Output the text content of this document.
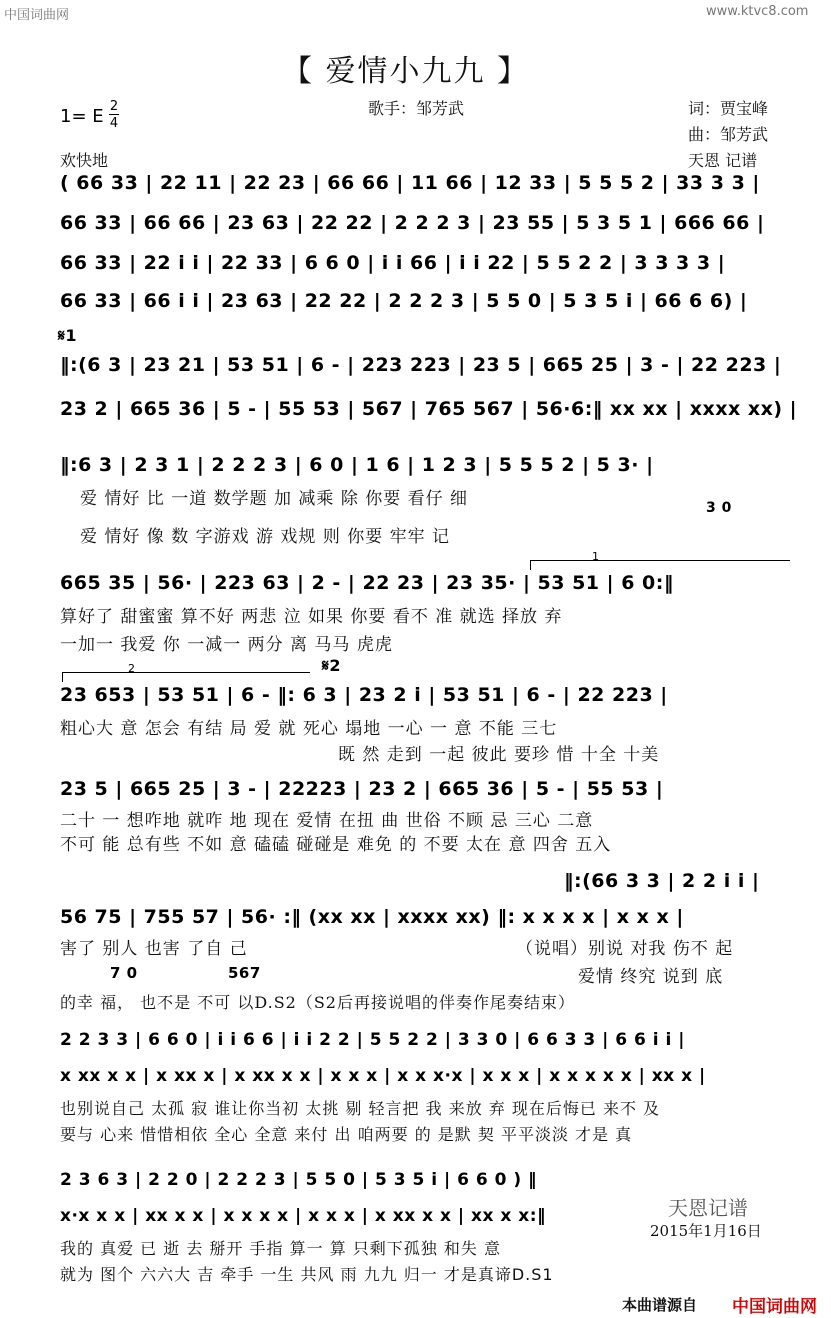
中国词曲网	www.ktvc8.com
【 爱情小九九 】
歌手：邹芳武	词：贾宝峰
曲：邹芳武
天恩 记谱
1= E 2
4
欢快地
( 66 33 | 22 11 | 22 23 | 66 66 | 11 66 | 12 33 | 5 5 5 2 | 33 3 3 |
66 33 | 66 66 | 23 63 | 22 22 | 2 2 2 3 | 23 55 | 5 3 5 1 | 666 66 |
66 33 | 22 i i | 22 33 | 6 6 0 | i i 66 | i i 22 | 5 5 2 2 | 3 3 3 3 |
66 33 | 66 i i | 23 63 | 22 22 | 2 2 2 3 | 5 5 0 | 5 3 5 i | 66 6 6) |
𝄋1
‖:(6 3 | 23 21 | 53 51 | 6 - | 223 223 | 23 5 | 665 25 | 3 - | 22 223 |
23 2 | 665 36 | 5 - | 55 53 | 567 | 765 567 | 56·6:‖ xx xx | xxxx xx) |
‖:6 3 | 2 3 1 | 2 2 2 3 | 6 0 | 1 6 | 1 2 3 | 5 5 5 2 | 5 3· |
爱 情好 比 一道 数学题 加 减乘 除 你要 看仔 细	3 0
爱 情好 像 数 字游戏 游 戏规 则 你要 牢牢 记
1
665 35 | 56· | 223 63 | 2 - | 22 23 | 23 35· | 53 51 | 6 0:‖
算好了 甜蜜蜜 算不好 两悲 泣 如果 你要 看不 准 就选 择放 弃
一加一 我爱 你 一减一 两分 离 马马 虎虎
2	𝄋2
23 653 | 53 51 | 6 - ‖: 6 3 | 23 2 i | 53 51 | 6 - | 22 223 |
粗心大 意 怎会 有结 局 爱 就 死心 塌地 一心 一 意 不能 三七
既 然 走到 一起 彼此 要珍 惜 十全 十美
23 5 | 665 25 | 3 - | 22223 | 23 2 | 665 36 | 5 - | 55 53 |
二十 一 想咋地 就咋 地 现在 爱情 在扭 曲 世俗 不顾 忌 三心 二意
不可 能 总有些 不如 意 磕磕 碰碰是 难免 的 不要 太在 意 四舍 五入
‖:(66 3 3 | 2 2 i i |
56 75 | 755 57 | 56· :‖ (xx xx | xxxx xx) ‖: x x x x | x x x |
害了 别人 也害 了自 己	（说唱）别说 对我 伤不 起
7 0	567	爱情 终究 说到 底
的幸 福， 也不是 不可 以D.S2（S2后再接说唱的伴奏作尾奏结束）
2 2 3 3 | 6 6 0 | i i 6 6 | i i 2 2 | 5 5 2 2 | 3 3 0 | 6 6 3 3 | 6 6 i i |
x xx x x | x xx x | x xx x x | x x x | x x x·x | x x x | x x x x x | xx x |
也别说自己 太孤 寂 谁让你当初 太挑 剔 轻言把 我 来放 弃 现在后悔已 来不 及
要与 心来 惜惜相依 全心 全意 来付 出 咱两要 的 是默 契 平平淡淡 才是 真
2 3 6 3 | 2 2 0 | 2 2 2 3 | 5 5 0 | 5 3 5 i | 6 6 0 ) ‖
x·x x x | xx x x | x x x x | x x x | x xx x x | xx x x:‖
我的 真爱 已 逝 去 掰开 手指 算一 算 只剩下孤独 和失 意
就为 图个 六六大 吉 牵手 一生 共风 雨 九九 归一 才是真谛D.S1
天恩记谱
2015年1月16日
本曲谱源自 中国词曲网
